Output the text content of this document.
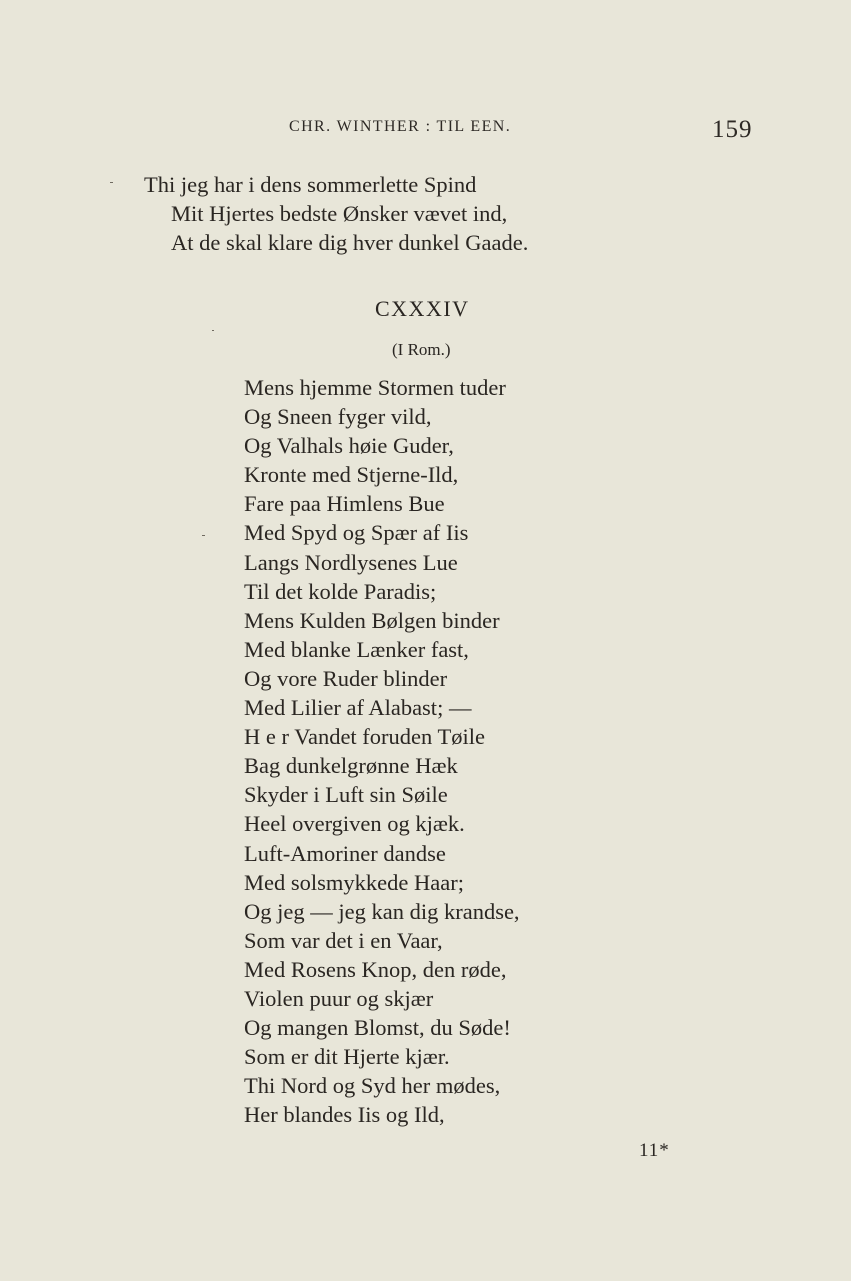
CHR. WINTHER : TIL EEN.	159
Thi jeg har i dens sommerlette Spind
Mit Hjertes bedste Ønsker vævet ind,
At de skal klare dig hver dunkel Gaade.
CXXXIV
(I Rom.)
Mens hjemme Stormen tuder
Og Sneen fyger vild,
Og Valhals høie Guder,
Kronte med Stjerne-Ild,
Fare paa Himlens Bue
Med Spyd og Spær af Iis
Langs Nordlysenes Lue
Til det kolde Paradis;
Mens Kulden Bølgen binder
Med blanke Lænker fast,
Og vore Ruder blinder
Med Lilier af Alabast; —
H e r Vandet foruden Tøile
Bag dunkelgrønne Hæk
Skyder i Luft sin Søile
Heel overgiven og kjæk.
Luft-Amoriner dandse
Med solsmykkede Haar;
Og jeg — jeg kan dig krandse,
Som var det i en Vaar,
Med Rosens Knop, den røde,
Violen puur og skjær
Og mangen Blomst, du Søde!
Som er dit Hjerte kjær.
Thi Nord og Syd her mødes,
Her blandes Iis og Ild,
11*
